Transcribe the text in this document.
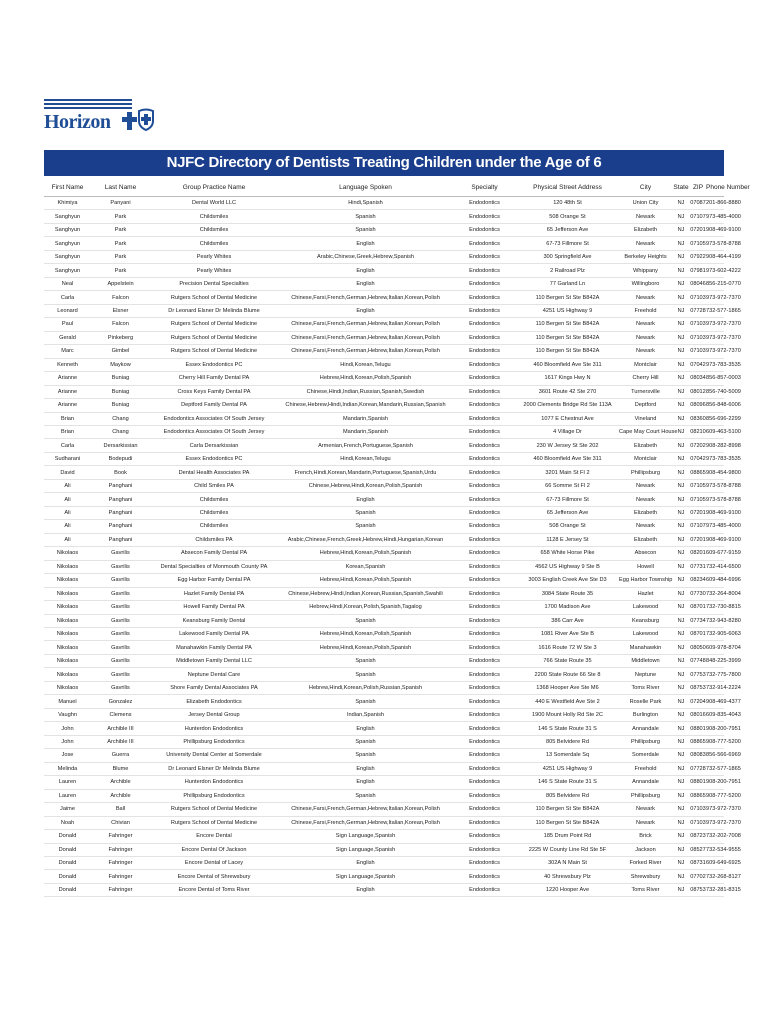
Horizon
NJFC Directory of Dentists Treating Children under the Age of 6
First Name	Last Name	Group Practice Name	Language Spoken	Specialty	Physical Street Address	City	State	ZIP	Phone Number
Khimiya	Panyani	Dental World LLC	Hindi,Spanish	Endodontics	120 48th St	Union City	NJ	07087	201-866-8880
Sanghyun	Park	Childsmiles	Spanish	Endodontics	508 Orange St	Newark	NJ	07107	973-485-4000
Sanghyun	Park	Childsmiles	Spanish	Endodontics	65 Jefferson Ave	Elizabeth	NJ	07201	908-469-9100
Sanghyun	Park	Childsmiles	English	Endodontics	67-73 Fillmore St	Newark	NJ	07105	973-578-8788
Sanghyun	Park	Pearly Whites	Arabic,Chinese,Greek,Hebrew,Spanish	Endodontics	300 Springfield Ave	Berkeley Heights	NJ	07922	908-464-4199
Sanghyun	Park	Pearly Whites	English	Endodontics	2 Railroad Plz	Whippany	NJ	07981	973-602-4222
Neal	Appelstein	Precision Dental Specialties	English	Endodontics	77 Garland Ln	Willingboro	NJ	08046	856-215-0770
Carla	Falcon	Rutgers School of Dental Medicine	Chinese,Farsi,French,German,Hebrew,Italian,Korean,Polish	Endodontics	110 Bergen St Ste B842A	Newark	NJ	07103	973-972-7370
Leonard	Elsner	Dr Leonard Elsner Dr Melinda Blume	English	Endodontics	4251 US Highway 9	Freehold	NJ	07728	732-577-1865
Paul	Falcon	Rutgers School of Dental Medicine	Chinese,Farsi,French,German,Hebrew,Italian,Korean,Polish	Endodontics	110 Bergen St Ste B842A	Newark	NJ	07103	973-972-7370
Gerald	Pinkeberg	Rutgers School of Dental Medicine	Chinese,Farsi,French,German,Hebrew,Italian,Korean,Polish	Endodontics	110 Bergen St Ste B842A	Newark	NJ	07103	973-972-7370
Marc	Gimbel	Rutgers School of Dental Medicine	Chinese,Farsi,French,German,Hebrew,Italian,Korean,Polish	Endodontics	110 Bergen St Ste B842A	Newark	NJ	07103	973-972-7370
Kenneth	Maykow	Essex Endodontics PC	Hindi,Korean,Telugu	Endodontics	460 Bloomfield Ave Ste 311	Montclair	NJ	07042	973-783-3535
Arianne	Buniag	Cherry Hill Family Dental PA	Hebrew,Hindi,Korean,Polish,Spanish	Endodontics	1617 Kings Hwy N	Cherry Hill	NJ	08034	856-857-0003
Arianne	Buniag	Cross Keys Family Dental PA	Chinese,Hindi,Indian,Russian,Spanish,Swedish	Endodontics	3601 Route 42 Ste 270	Turnersville	NJ	08012	856-740-5009
Arianne	Buniag	Deptford Family Dental PA	Chinese,Hebrew,Hindi,Indian,Korean,Mandarin,Russian,Spanish	Endodontics	2000 Clements Bridge Rd Ste 113A	Deptford	NJ	08096	856-848-6006
Brian	Chang	Endodontics Associates Of South Jersey	Mandarin,Spanish	Endodontics	1077 E Chestnut Ave	Vineland	NJ	08360	856-696-2299
Brian	Chang	Endodontics Associates Of South Jersey	Mandarin,Spanish	Endodontics	4 Village Dr	Cape May Court House	NJ	08210	609-463-5100
Carla	Dersarkissian	Carla Dersarkissian	Armenian,French,Portuguese,Spanish	Endodontics	230 W Jersey St Ste 202	Elizabeth	NJ	07202	908-282-8998
Sudharani	Bodepudi	Essex Endodontics PC	Hindi,Korean,Telugu	Endodontics	460 Bloomfield Ave Ste 311	Montclair	NJ	07042	973-783-3535
David	Book	Dental Health Associates PA	French,Hindi,Korean,Mandarin,Portuguese,Spanish,Urdu	Endodontics	3201 Main St FI 2	Phillipsburg	NJ	08865	908-454-9800
Ali	Panghani	Child Smiles PA	Chinese,Hebrew,Hindi,Korean,Polish,Spanish	Endodontics	66 Somme St Fl 2	Newark	NJ	07105	973-578-8788
Ali	Panghani	Childsmiles	English	Endodontics	67-73 Fillmore St	Newark	NJ	07105	973-578-8788
Ali	Panghani	Childsmiles	Spanish	Endodontics	65 Jefferson Ave	Elizabeth	NJ	07201	908-469-9100
Ali	Panghani	Childsmiles	Spanish	Endodontics	508 Orange St	Newark	NJ	07107	973-485-4000
Ali	Panghani	Childsmiles PA	Arabic,Chinese,French,Greek,Hebrew,Hindi,Hungarian,Korean	Endodontics	1128 E Jersey St	Elizabeth	NJ	07201	908-469-9100
Nikolaos	Gavrilis	Absecon Family Dental PA	Hebrew,Hindi,Korean,Polish,Spanish	Endodontics	658 White Horse Pike	Absecon	NJ	08201	609-677-9159
Nikolaos	Gavrilis	Dental Specialties of Monmouth County PA	Korean,Spanish	Endodontics	4562 US Highway 9 Ste B	Howell	NJ	07731	732-414-6500
Nikolaos	Gavrilis	Egg Harbor Family Dental PA	Hebrew,Hindi,Korean,Polish,Spanish	Endodontics	3003 English Creek Ave Ste D3	Egg Harbor Township	NJ	08234	609-484-6996
Nikolaos	Gavrilis	Hazlet Family Dental PA	Chinese,Hebrew,Hindi,Indian,Korean,Russian,Spanish,Swahili	Endodontics	3084 State Route 35	Hazlet	NJ	07730	732-264-8004
Nikolaos	Gavrilis	Howell Family Dental PA	Hebrew,Hindi,Korean,Polish,Spanish,Tagalog	Endodontics	1700 Madison Ave	Lakewood	NJ	08701	732-730-8815
Nikolaos	Gavrilis	Keansburg Family Dental	Spanish	Endodontics	386 Carr Ave	Keansburg	NJ	07734	732-943-8280
Nikolaos	Gavrilis	Lakewood Family Dental PA	Hebrew,Hindi,Korean,Polish,Spanish	Endodontics	1081 River Ave Ste B	Lakewood	NJ	08701	732-905-6063
Nikolaos	Gavrilis	Manahawkin Family Dental PA	Hebrew,Hindi,Korean,Polish,Spanish	Endodontics	1616 Route 72 W Ste 3	Manahawkin	NJ	08050	609-978-8704
Nikolaos	Gavrilis	Middletown Family Dental LLC	Spanish	Endodontics	766 State Route 35	Middletown	NJ	07748	848-225-3999
Nikolaos	Gavrilis	Neptune Dental Care	Spanish	Endodontics	2200 State Route 66 Ste 8	Neptune	NJ	07753	732-775-7800
Nikolaos	Gavrilis	Shore Family Dental Associates PA	Hebrew,Hindi,Korean,Polish,Russian,Spanish	Endodontics	1368 Hooper Ave Ste M6	Toms River	NJ	08753	732-914-2224
Manuel	Gonzalez	Elizabeth Endodontics	Spanish	Endodontics	440 E Westfield Ave Ste 2	Roselle Park	NJ	07204	908-469-4377
Vaughn	Clemens	Jersey Dental Group	Indian,Spanish	Endodontics	1900 Mount Holly Rd Ste 2C	Burlington	NJ	08016	609-835-4043
John	Archible III	Hunterdon Endodontics	English	Endodontics	146 S State Route 31 S	Annandale	NJ	08801	908-200-7951
John	Archible III	Phillipsburg Endodontics	Spanish	Endodontics	805 Belvidere Rd	Phillipsburg	NJ	08865	908-777-5200
Jose	Guerra	University Dental Center at Somerdale	Spanish	Endodontics	13 Somerdale Sq	Somerdale	NJ	08083	856-566-6969
Melinda	Blume	Dr Leonard Elsner Dr Melinda Blume	English	Endodontics	4251 US Highway 9	Freehold	NJ	07728	732-577-1865
Lauren	Archible	Hunterdon Endodontics	English	Endodontics	146 S State Route 31 S	Annandale	NJ	08801	908-200-7951
Lauren	Archible	Phillipsburg Endodontics	Spanish	Endodontics	805 Belvidere Rd	Phillipsburg	NJ	08865	908-777-5200
Jaime	Ball	Rutgers School of Dental Medicine	Chinese,Farsi,French,German,Hebrew,Italian,Korean,Polish	Endodontics	110 Bergen St Ste B842A	Newark	NJ	07103	973-972-7370
Noah	Chivian	Rutgers School of Dental Medicine	Chinese,Farsi,French,German,Hebrew,Italian,Korean,Polish	Endodontics	110 Bergen St Ste B842A	Newark	NJ	07103	973-972-7370
Donald	Fahringer	Encore Dental	Sign Language,Spanish	Endodontics	185 Drum Point Rd	Brick	NJ	08723	732-202-7008
Donald	Fahringer	Encore Dental Of Jackson	Sign Language,Spanish	Endodontics	2225 W County Line Rd Ste 5F	Jackson	NJ	08527	732-534-9555
Donald	Fahringer	Encore Dental of Lacey	English	Endodontics	302A N Main St	Forked River	NJ	08731	609-649-6925
Donald	Fahringer	Encore Dental of Shrewsbury	Sign Language,Spanish	Endodontics	40 Shrewsbury Plz	Shrewsbury	NJ	07702	732-268-8127
Donald	Fahringer	Encore Dental of Toms River	English	Endodontics	1220 Hooper Ave	Toms River	NJ	08753	732-281-8315
